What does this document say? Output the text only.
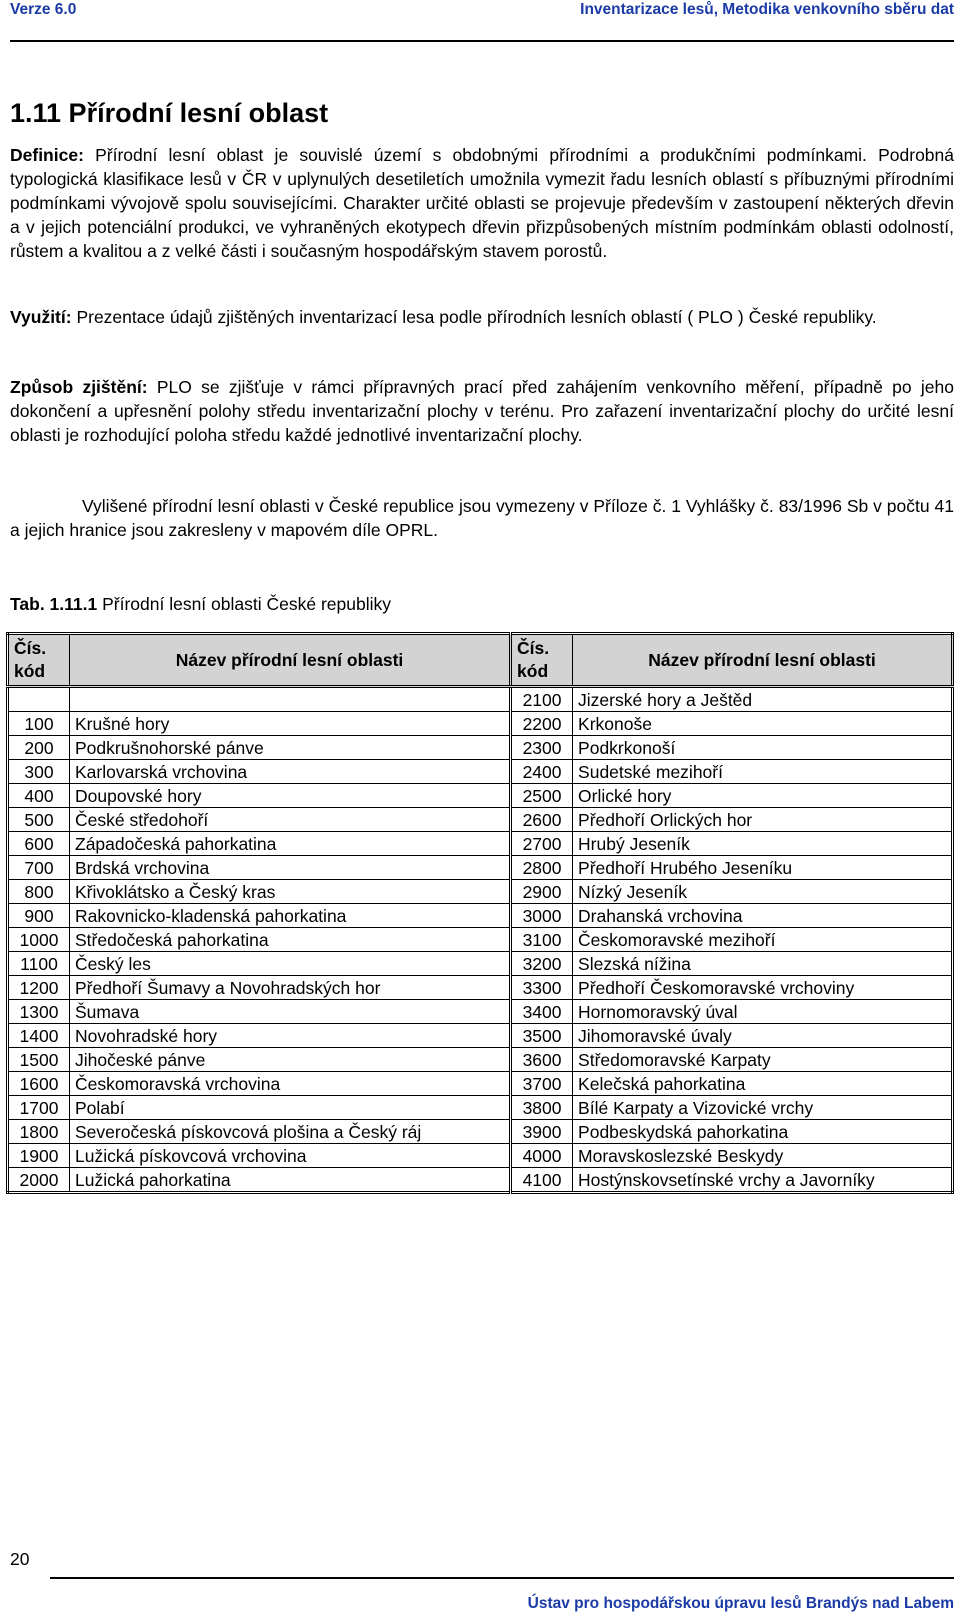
Verze 6.0	Inventarizace lesů, Metodika venkovního sběru dat
1.11 Přírodní lesní oblast

Definice: Přírodní lesní oblast je souvislé území s obdobnými přírodními a produkčními podmínkami. Podrobná typologická klasifikace lesů v ČR v uplynulých desetiletích umožnila vymezit řadu lesních oblastí s příbuznými přírodními podmínkami vývojově spolu souvisejícími. Charakter určité oblasti se projevuje především v zastoupení některých dřevin a v jejich potenciální produkci, ve vyhraněných ekotypech dřevin přizpůsobených místním podmínkám oblasti odolností, růstem a kvalitou a z velké části i současným hospodářským stavem porostů.

Využití: Prezentace údajů zjištěných inventarizací lesa podle přírodních lesních oblastí ( PLO ) České republiky.

Způsob zjištění: PLO se zjišťuje v rámci přípravných prací před zahájením venkovního měření, případně po jeho dokončení a upřesnění polohy středu inventarizační plochy v terénu. Pro zařazení inventarizační plochy do určité lesní oblasti je rozhodující poloha středu každé jednotlivé inventarizační plochy.

Vylišené přírodní lesní oblasti v České republice jsou vymezeny v Příloze č. 1 Vyhlášky č. 83/1996 Sb v počtu 41 a jejich hranice jsou zakresleny v mapovém díle OPRL.

Tab. 1.11.1 Přírodní lesní oblasti České republiky
Čís. kód	Název přírodní lesní oblasti	Čís. kód	Název přírodní lesní oblasti
		2100	Jizerské hory a Ještěd
100	Krušné hory	2200	Krkonoše
200	Podkrušnohorské pánve	2300	Podkrkonoší
300	Karlovarská vrchovina	2400	Sudetské mezihoří
400	Doupovské hory	2500	Orlické hory
500	České středohoří	2600	Předhoří Orlických hor
600	Západočeská pahorkatina	2700	Hrubý Jeseník
700	Brdská vrchovina	2800	Předhoří Hrubého Jeseníku
800	Křivoklátsko a Český kras	2900	Nízký Jeseník
900	Rakovnicko-kladenská pahorkatina	3000	Drahanská vrchovina
1000	Středočeská pahorkatina	3100	Českomoravské mezihoří
1100	Český les	3200	Slezská nížina
1200	Předhoří Šumavy a Novohradských hor	3300	Předhoří Českomoravské vrchoviny
1300	Šumava	3400	Hornomoravský úval
1400	Novohradské hory	3500	Jihomoravské úvaly
1500	Jihočeské pánve	3600	Středomoravské Karpaty
1600	Českomoravská vrchovina	3700	Kelečská pahorkatina
1700	Polabí	3800	Bílé Karpaty a Vizovické vrchy
1800	Severočeská pískovcová plošina a Český ráj	3900	Podbeskydská pahorkatina
1900	Lužická pískovcová vrchovina	4000	Moravskoslezské Beskydy
2000	Lužická pahorkatina	4100	Hostýnskovsetínské vrchy a Javorníky
20
Ústav pro hospodářskou úpravu lesů Brandýs nad Labem
